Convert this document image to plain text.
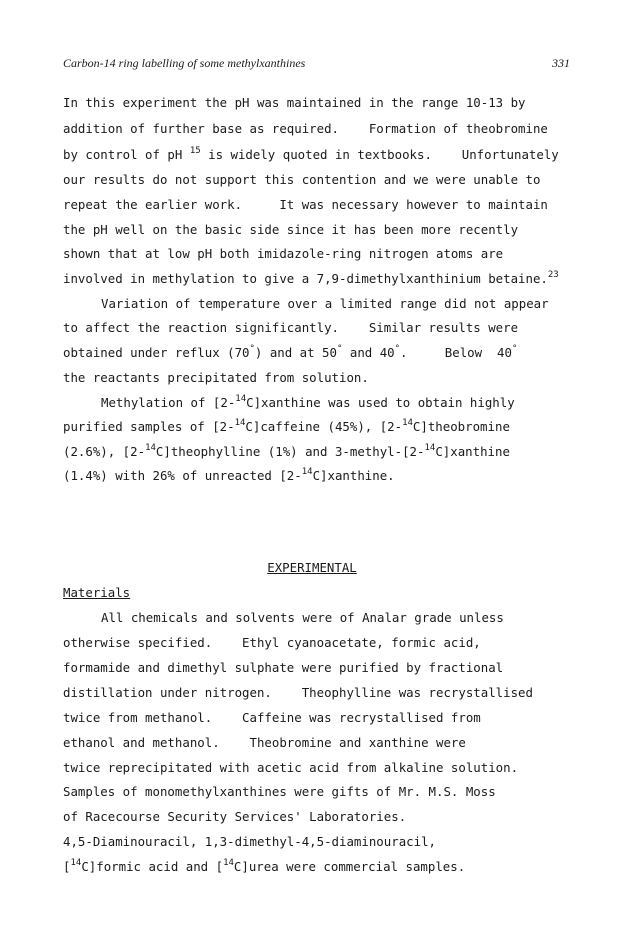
Carbon-14 ring labelling of some methylxanthines	331
In this experiment the pH was maintained in the range 10-13 by
addition of further base as required.    Formation of theobromine
by control of pH $^{15}$ is widely quoted in textbooks.    Unfortunately
our results do not support this contention and we were unable to
repeat the earlier work.     It was necessary however to maintain
the pH well on the basic side since it has been more recently
shown that at low pH both imidazole-ring nitrogen atoms are
involved in methylation to give a 7,9-dimethylxanthinium betaine.$^{23}$
Variation of temperature over a limited range did not appear
to affect the reaction significantly.    Similar results were
obtained under reflux (70°) and at 50° and 40°.     Below  40°
the reactants precipitated from solution.
Methylation of [2-$^{14}$C]xanthine was used to obtain highly
purified samples of [2-$^{14}$C]caffeine (45%), [2-$^{14}$C]theobromine
(2.6%), [2-$^{14}$C]theophylline (1%) and 3-methyl-[2-$^{14}$C]xanthine
(1.4%) with 26% of unreacted [2-$^{14}$C]xanthine.
EXPERIMENTAL
Materials
All chemicals and solvents were of Analar grade unless
otherwise specified.    Ethyl cyanoacetate, formic acid,
formamide and dimethyl sulphate were purified by fractional
distillation under nitrogen.    Theophylline was recrystallised
twice from methanol.    Caffeine was recrystallised from
ethanol and methanol.    Theobromine and xanthine were
twice reprecipitated with acetic acid from alkaline solution.
Samples of monomethylxanthines were gifts of Mr. M.S. Moss
of Racecourse Security Services' Laboratories.
4,5-Diaminouracil, 1,3-dimethyl-4,5-diaminouracil,
[$^{14}$C]formic acid and [$^{14}$C]urea were commercial samples.
